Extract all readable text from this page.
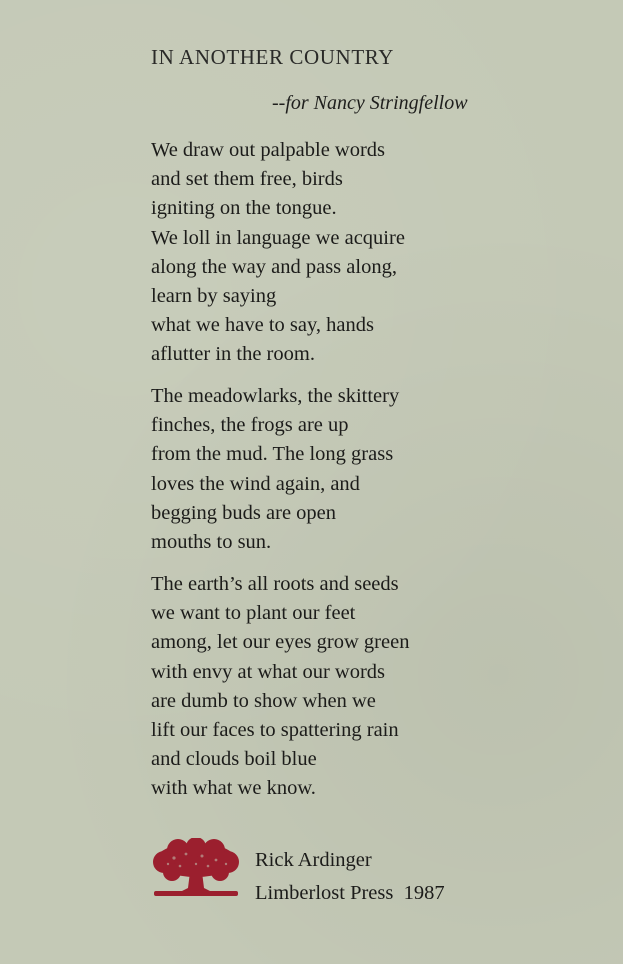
IN ANOTHER COUNTRY
--for Nancy Stringfellow
We draw out palpable words
and set them free, birds
igniting on the tongue.
We loll in language we acquire
along the way and pass along,
learn by saying
what we have to say, hands
aflutter in the room.
The meadowlarks, the skittery
finches, the frogs are up
from the mud. The long grass
loves the wind again, and
begging buds are open
mouths to sun.
The earth’s all roots and seeds
we want to plant our feet
among, let our eyes grow green
with envy at what our words
are dumb to show when we
lift our faces to spattering rain
and clouds boil blue
with what we know.
Rick Ardinger
Limberlost Press  1987
